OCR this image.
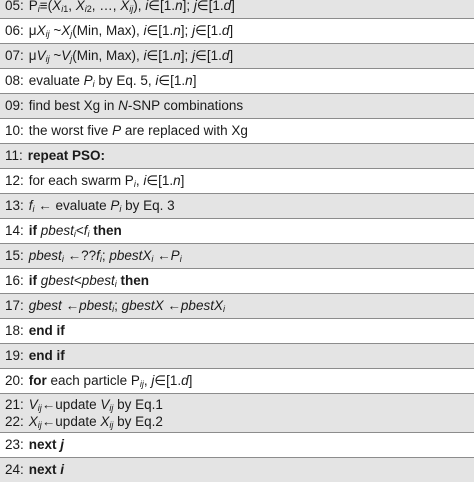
05: $P_i\equiv(X_{i1}$, $X_{i2}$, …, $X_{ij}$), i∈[1.n]; j∈[1.d]
06: $\mu X_{ij}$ $\sim X_j(Min$, Max), i∈[1.n]; j∈[1.d]
07: $\mu V_{ij}$ $\sim V_j(Min$, Max), i∈[1.n]; j∈[1.d]
08: evaluate $P_i$ by Eq. 5, i∈[1.n]
09: find best Xg in N-SNP combinations
10: the worst five P are replaced with Xg
11: repeat PSO:
12: for each swarm $P_i$, i∈[1.n]
13: $f_i$ ← evaluate $P_i$ by Eq. 3
14: if $pbest_i<f_i$ then
15: pbest$_i$ $\leftarrow??f_i$; pbestX$_i$ $\leftarrow P_i$
16: if gbest<pbest$_i$ then
17: gbest ←pbest$_i$; gbestX ←pbestX$_i$
18: end if
19: end if
20: for each particle $P_{ij}$, j∈[1.d]
21:
22:
$V_{ij}\leftarrow update$ $V_{ij}$ by Eq.1
$X_{ij}\leftarrow update$ $X_{ij}$ by Eq.2
23: next j
24: next i
